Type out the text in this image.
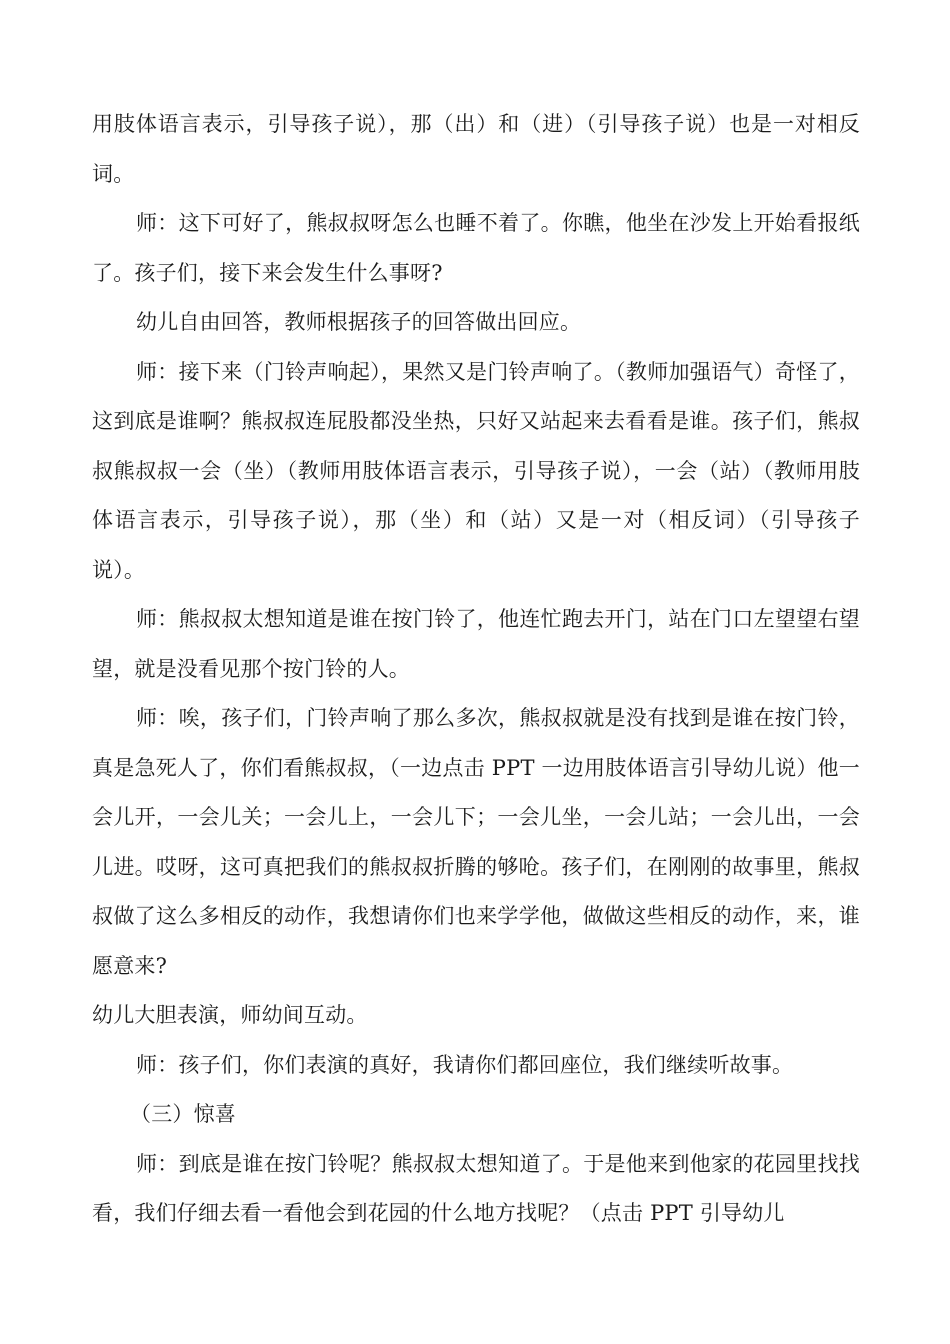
用肢体语言表示，引导孩子说），那（出）和（进）（引导孩子说）也是一对相反词。

师：这下可好了，熊叔叔呀怎么也睡不着了。你瞧，他坐在沙发上开始看报纸了。孩子们，接下来会发生什么事呀?

幼儿自由回答，教师根据孩子的回答做出回应。

师：接下来（门铃声响起），果然又是门铃声响了。（教师加强语气）奇怪了，这到底是谁啊？熊叔叔连屁股都没坐热，只好又站起来去看看是谁。孩子们，熊叔叔熊叔叔一会（坐）（教师用肢体语言表示，引导孩子说），一会（站）（教师用肢体语言表示，引导孩子说），那（坐）和（站）又是一对（相反词）（引导孩子说）。

师：熊叔叔太想知道是谁在按门铃了，他连忙跑去开门，站在门口左望望右望望，就是没看见那个按门铃的人。

师：唉，孩子们，门铃声响了那么多次，熊叔叔就是没有找到是谁在按门铃，真是急死人了，你们看熊叔叔，（一边点击 PPT 一边用肢体语言引导幼儿说）他一会儿开，一会儿关；一会儿上，一会儿下；一会儿坐，一会儿站；一会儿出，一会儿进。哎呀，这可真把我们的熊叔叔折腾的够呛。孩子们，在刚刚的故事里，熊叔叔做了这么多相反的动作，我想请你们也来学学他，做做这些相反的动作，来，谁愿意来?

幼儿大胆表演，师幼间互动。

师：孩子们，你们表演的真好，我请你们都回座位，我们继续听故事。

（三）惊喜

师：到底是谁在按门铃呢？熊叔叔太想知道了。于是他来到他家的花园里找找看，我们仔细去看一看他会到花园的什么地方找呢？（点击 PPT 引导幼儿
